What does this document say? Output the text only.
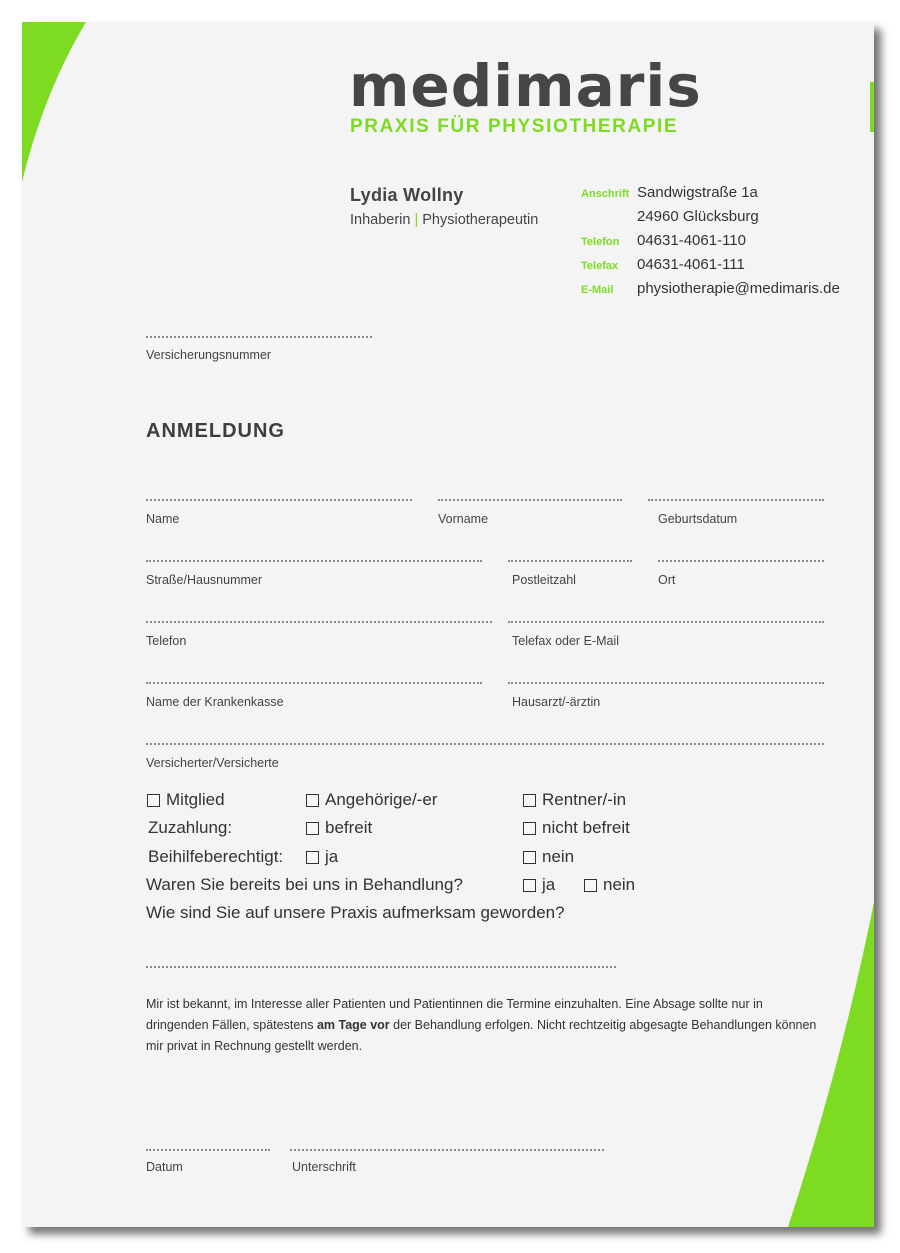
medimaris
PRAXIS FÜR PHYSIOTHERAPIE
Lydia Wollny
Inhaberin | Physiotherapeutin
Anschrift Sandwigstraße 1a
24960 Glücksburg
Telefon 04631-4061-110
Telefax 04631-4061-111
E-Mail physiotherapie@medimaris.de
Versicherungsnummer
ANMELDUNG
Name	Vorname	Geburtsdatum
Straße/Hausnummer	Postleitzahl	Ort
Telefon	Telefax oder E-Mail
Name der Krankenkasse	Hausarzt/-ärztin
Versicherter/Versicherte
Mitglied	Angehörige/-er	Rentner/-in
Zuzahlung:	befreit	nicht befreit
Beihilfeberechtigt: ja	nein
Waren Sie bereits bei uns in Behandlung?	ja	nein
Wie sind Sie auf unsere Praxis aufmerksam geworden?
Mir ist bekannt, im Interesse aller Patienten und Patientinnen die Termine einzuhalten. Eine Absage sollte nur in dringenden Fällen, spätestens am Tage vor der Behandlung erfolgen. Nicht rechtzeitig abgesagte Behandlungen können mir privat in Rechnung gestellt werden.
Datum	Unterschrift
